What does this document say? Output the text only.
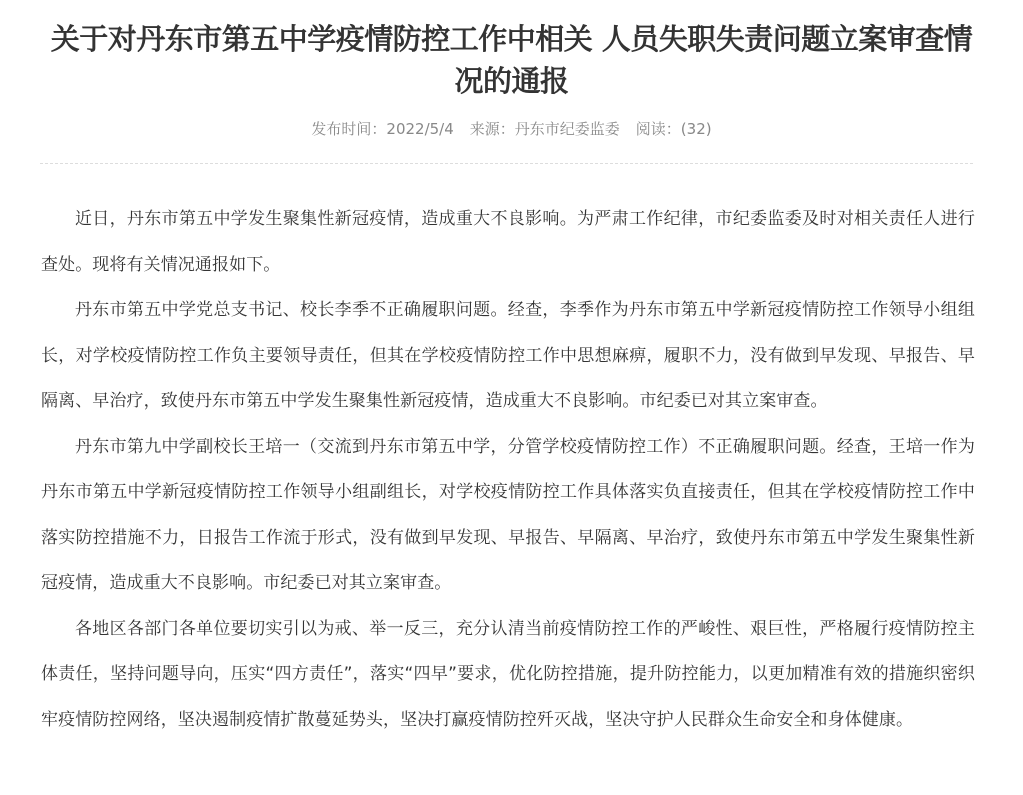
关于对丹东市第五中学疫情防控工作中相关 人员失职失责问题立案审查情况的通报
发布时间：2022/5/4 来源：丹东市纪委监委 阅读：(32)

近日，丹东市第五中学发生聚集性新冠疫情，造成重大不良影响。为严肃工作纪律，市纪委监委及时对相关责任人进行查处。现将有关情况通报如下。

丹东市第五中学党总支书记、校长李季不正确履职问题。经查，李季作为丹东市第五中学新冠疫情防控工作领导小组组长，对学校疫情防控工作负主要领导责任，但其在学校疫情防控工作中思想麻痹，履职不力，没有做到早发现、早报告、早隔离、早治疗，致使丹东市第五中学发生聚集性新冠疫情，造成重大不良影响。市纪委已对其立案审查。

丹东市第九中学副校长王培一（交流到丹东市第五中学，分管学校疫情防控工作）不正确履职问题。经查，王培一作为丹东市第五中学新冠疫情防控工作领导小组副组长，对学校疫情防控工作具体落实负直接责任，但其在学校疫情防控工作中落实防控措施不力，日报告工作流于形式，没有做到早发现、早报告、早隔离、早治疗，致使丹东市第五中学发生聚集性新冠疫情，造成重大不良影响。市纪委已对其立案审查。

各地区各部门各单位要切实引以为戒、举一反三，充分认清当前疫情防控工作的严峻性、艰巨性，严格履行疫情防控主体责任，坚持问题导向，压实“四方责任”，落实“四早”要求，优化防控措施，提升防控能力，以更加精准有效的措施织密织牢疫情防控网络，坚决遏制疫情扩散蔓延势头，坚决打赢疫情防控歼灭战，坚决守护人民群众生命安全和身体健康。
